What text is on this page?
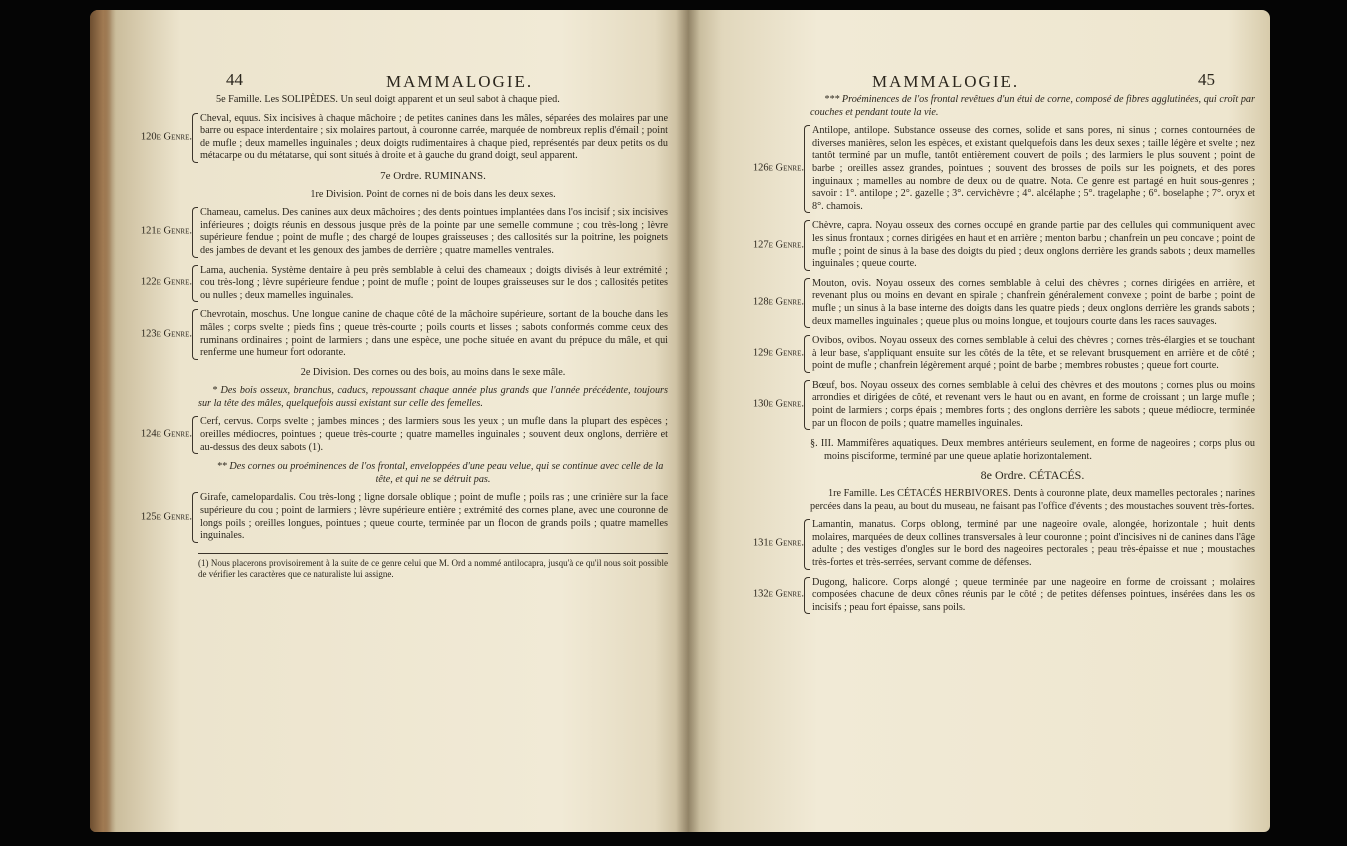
44	MAMMALOGIE.

5e Famille. Les SOLIPÈDES. Un seul doigt apparent et un seul sabot à chaque pied.

120e Genre.
Cheval, equus. Six incisives à chaque mâchoire ; de petites canines dans les mâles, séparées des molaires par une barre ou espace interdentaire ; six molaires partout, à couronne carrée, marquée de nombreux replis d'émail ; point de mufle ; deux mamelles inguinales ; deux doigts rudimentaires à chaque pied, représentés par deux petits os du métacarpe ou du métatarse, qui sont situés à droite et à gauche du grand doigt, seul apparent.
7e Ordre. RUMINANS.
1re Division. Point de cornes ni de bois dans les deux sexes.
121e Genre.
Chameau, camelus. Des canines aux deux mâchoires ; des dents pointues implantées dans l'os incisif ; six incisives inférieures ; doigts réunis en dessous jusque près de la pointe par une semelle commune ; cou très-long ; lèvre supérieure fendue ; point de mufle ; des chargé de loupes graisseuses ; des callosités sur la poitrine, les poignets des jambes de devant et les genoux des jambes de derrière ; quatre mamelles ventrales.
122e Genre.
Lama, auchenia. Système dentaire à peu près semblable à celui des chameaux ; doigts divisés à leur extrémité ; cou très-long ; lèvre supérieure fendue ; point de mufle ; point de loupes graisseuses sur le dos ; callosités petites ou nulles ; deux mamelles inguinales.
123e Genre.
Chevrotain, moschus. Une longue canine de chaque côté de la mâchoire supérieure, sortant de la bouche dans les mâles ; corps svelte ; pieds fins ; queue très-courte ; poils courts et lisses ; sabots conformés comme ceux des ruminans ordinaires ; point de larmiers ; dans une espèce, une poche située en avant du prépuce du mâle, et qui renferme une humeur fort odorante.
2e Division. Des cornes ou des bois, au moins dans le sexe mâle.

* Des bois osseux, branchus, caducs, repoussant chaque année plus grands que l'année précédente, toujours sur la tête des mâles, quelquefois aussi existant sur celle des femelles.

124e Genre.
Cerf, cervus. Corps svelte ; jambes minces ; des larmiers sous les yeux ; un mufle dans la plupart des espèces ; oreilles médiocres, pointues ; queue très-courte ; quatre mamelles inguinales ; souvent deux onglons, derrière et au-dessus des deux sabots (1).

** Des cornes ou proéminences de l'os frontal, enveloppées d'une peau velue, qui se continue avec celle de la tête, et qui ne se détruit pas.

125e Genre.
Girafe, camelopardalis. Cou très-long ; ligne dorsale oblique ; point de mufle ; poils ras ; une crinière sur la face supérieure du cou ; point de larmiers ; lèvre supérieure entière ; extrémité des cornes plane, avec une couronne de longs poils ; oreilles longues, pointues ; queue courte, terminée par un flocon de grands poils ; quatre mamelles inguinales.
(1) Nous placerons provisoirement à la suite de ce genre celui que M. Ord a nommé antilocapra, jusqu'à ce qu'il nous soit possible de vérifier les caractères que ce naturaliste lui assigne.
MAMMALOGIE.	45

*** Proéminences de l'os frontal revêtues d'un étui de corne, composé de fibres agglutinées, qui croît par couches et pendant toute la vie.

126e Genre.
Antilope, antilope. Substance osseuse des cornes, solide et sans pores, ni sinus ; cornes contournées de diverses manières, selon les espèces, et existant quelquefois dans les deux sexes ; taille légère et svelte ; nez tantôt terminé par un mufle, tantôt entièrement couvert de poils ; des larmiers le plus souvent ; point de barbe ; oreilles assez grandes, pointues ; souvent des brosses de poils sur les poignets, et des pores inguinaux ; mamelles au nombre de deux ou de quatre. Nota. Ce genre est partagé en huit sous-genres ; savoir : 1°. antilope ; 2°. gazelle ; 3°. cervichèvre ; 4°. alcélaphe ; 5°. tragelaphe ; 6°. boselaphe ; 7°. oryx et 8°. chamois.
127e Genre.
Chèvre, capra. Noyau osseux des cornes occupé en grande partie par des cellules qui communiquent avec les sinus frontaux ; cornes dirigées en haut et en arrière ; menton barbu ; chanfrein un peu concave ; point de mufle ; point de sinus à la base des doigts du pied ; deux onglons derrière les grands sabots ; deux mamelles inguinales ; queue courte.
128e Genre.
Mouton, ovis. Noyau osseux des cornes semblable à celui des chèvres ; cornes dirigées en arrière, et revenant plus ou moins en devant en spirale ; chanfrein généralement convexe ; point de barbe ; point de mufle ; un sinus à la base interne des doigts dans les quatre pieds ; deux onglons derrière les grands sabots ; deux mamelles inguinales ; queue plus ou moins longue, et toujours courte dans les races sauvages.
129e Genre.
Ovibos, ovibos. Noyau osseux des cornes semblable à celui des chèvres ; cornes très-élargies et se touchant à leur base, s'appliquant ensuite sur les côtés de la tête, et se relevant brusquement en arrière et de côté ; point de mufle ; chanfrein légèrement arqué ; point de barbe ; membres robustes ; queue fort courte.
130e Genre.
Bœuf, bos. Noyau osseux des cornes semblable à celui des chèvres et des moutons ; cornes plus ou moins arrondies et dirigées de côté, et revenant vers le haut ou en avant, en forme de croissant ; un large mufle ; point de larmiers ; corps épais ; membres forts ; des onglons derrière les sabots ; queue médiocre, terminée par un flocon de poils ; quatre mamelles inguinales.

§. III. Mammifères aquatiques. Deux membres antérieurs seulement, en forme de nageoires ; corps plus ou moins pisciforme, terminé par une queue aplatie horizontalement.

8e Ordre. CÉTACÉS.

1re Famille. Les CÉTACÉS HERBIVORES. Dents à couronne plate, deux mamelles pectorales ; narines percées dans la peau, au bout du museau, ne faisant pas l'office d'évents ; des moustaches souvent très-fortes.

131e Genre.
Lamantin, manatus. Corps oblong, terminé par une nageoire ovale, alongée, horizontale ; huit dents molaires, marquées de deux collines transversales à leur couronne ; point d'incisives ni de canines dans l'âge adulte ; des vestiges d'ongles sur le bord des nageoires pectorales ; peau très-épaisse et nue ; moustaches très-fortes et très-serrées, servant comme de défenses.
132e Genre.
Dugong, halicore. Corps alongé ; queue terminée par une nageoire en forme de croissant ; molaires composées chacune de deux cônes réunis par le côté ; de petites défenses pointues, insérées dans les os incisifs ; peau fort épaisse, sans poils.
